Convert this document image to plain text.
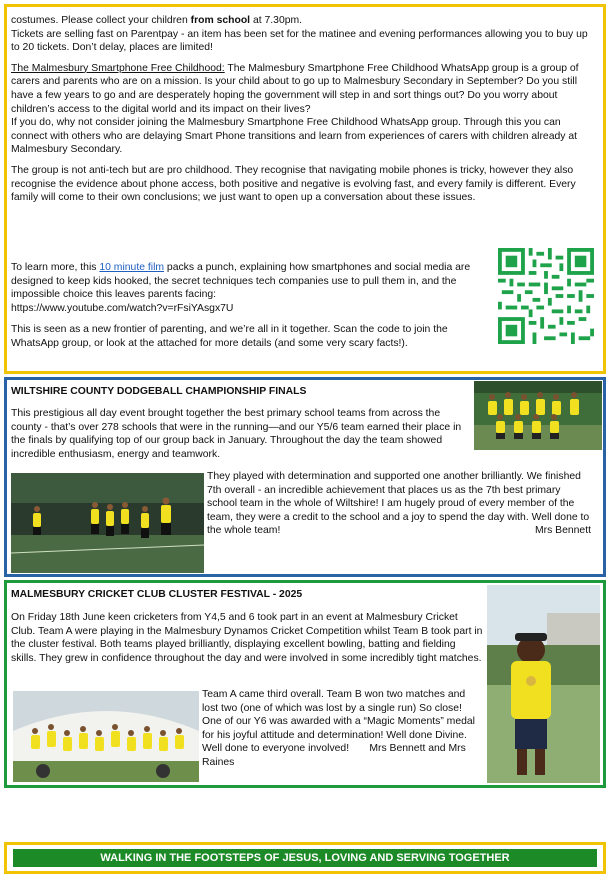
costumes. Please collect your children from school at 7.30pm.

Tickets are selling fast on Parentpay - an item has been set for the matinee and evening performances allowing you to buy up to 20 tickets. Don’t delay, places are limited!

The Malmesbury Smartphone Free Childhood: The Malmesbury Smartphone Free Childhood WhatsApp group is a group of carers and parents who are on a mission. Is your child about to go up to Malmesbury Secondary in September? Do you still have a few years to go and are desperately hoping the government will step in and sort things out? Do you worry about children’s access to the digital world and its impact on their lives?

If you do, why not consider joining the Malmesbury Smartphone Free Childhood WhatsApp group. Through this you can connect with others who are delaying Smart Phone transitions and learn from experiences of carers with children already at Malmesbury Secondary.

The group is not anti-tech but are pro childhood. They recognise that navigating mobile phones is tricky, however they also recognise the evidence about phone access, both positive and negative is evolving fast, and every family is different. Every family will come to their own conclusions; we just want to open up a conversation about these issues.

To learn more, this 10 minute film packs a punch, explaining how smartphones and social media are designed to keep kids hooked, the secret techniques tech companies use to pull them in, and the impossible choice this leaves parents facing:

https://www.youtube.com/watch?v=rFsiYAsgx7U

This is seen as a new frontier of parenting, and we’re all in it together. Scan the code to join the WhatsApp group, or look at the attached for more details (and some very scary facts!).

WILTSHIRE COUNTY DODGEBALL CHAMPIONSHIP FINALS

This prestigious all day event brought together the best primary school teams from across the county - that’s over 278 schools that were in the running—and our Y5/6 team earned their place in the finals by qualifying top of our group back in January. Throughout the day the team showed incredible enthusiasm, energy and teamwork.

They played with determination and supported one another brilliantly. We finished 7th overall - an incredible achievement that places us as the 7th best primary school team in the whole of Wiltshire! I am hugely proud of every member of the team, they were a credit to the school and a joy to spend the day with. Well done to the whole team!	Mrs Bennett

MALMESBURY CRICKET CLUB CLUSTER FESTIVAL - 2025

On Friday 18th June keen cricketers from Y4,5 and 6 took part in an event at Malmesbury Cricket Club. Team A were playing in the Malmesbury Dynamos Cricket Competition whilst Team B took part in the cluster festival. Both teams played brilliantly, displaying excellent bowling, batting and fielding skills. They grew in confidence throughout the day and were involved in some incredibly tight matches.

Team A came third overall. Team B won two matches and lost two (one of which was lost by a single run) So close! One of our Y6 was awarded with a “Magic Moments” medal for his joyful attitude and determination! Well done Divine. Well done to everyone involved! Mrs Bennett and Mrs Raines

WALKING IN THE FOOTSTEPS OF JESUS, LOVING AND SERVING TOGETHER
